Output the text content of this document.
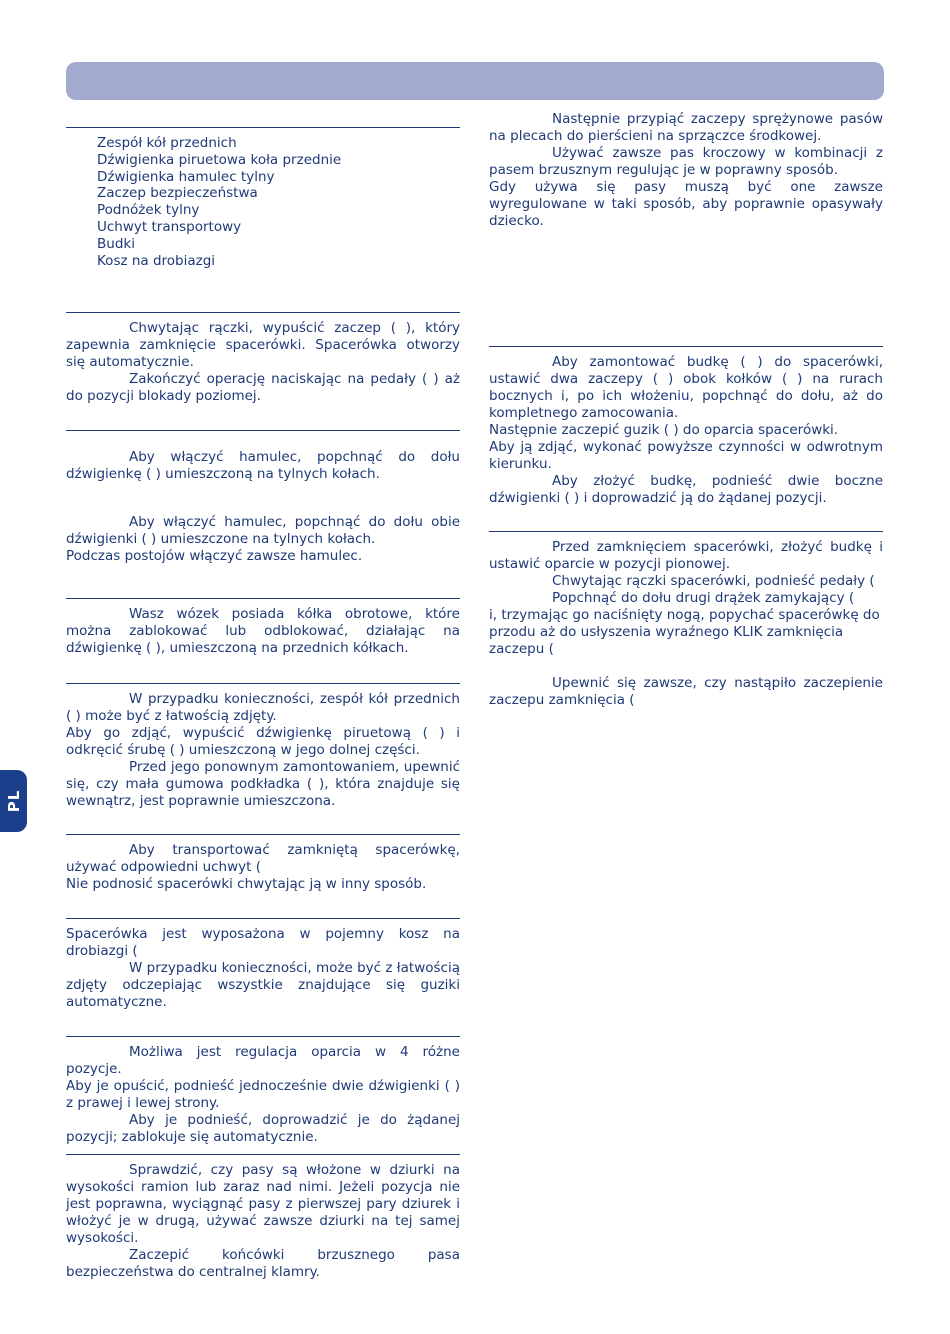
PL
Zespół kół przednich
Dźwigienka piruetowa koła przednie
Dźwigienka hamulec tylny
Zaczep bezpieczeństwa
Podnóżek tylny
Uchwyt transportowy
Budki
Kosz na drobiazgi

Chwytając rączki, wypuścić zaczep ( ), który zapewnia zamknięcie spacerówki. Spacerówka otworzy się automatycznie.

Zakończyć operację naciskając na pedały ( ) aż do pozycji blokady poziomej.

Aby włączyć hamulec, popchnąć do dołu dźwigienkę ( ) umieszczoną na tylnych kołach.

Aby włączyć hamulec, popchnąć do dołu obie dźwigienki ( ) umieszczone na tylnych kołach.

Podczas postojów włączyć zawsze hamulec.

Wasz wózek posiada kółka obrotowe, które można zablokować lub odblokować, działając na dźwigienkę ( ), umieszczoną na przednich kółkach.

W przypadku konieczności, zespół kół przednich ( ) może być z łatwością zdjęty.

Aby go zdjąć, wypuścić dźwigienkę piruetową ( ) i odkręcić śrubę ( ) umieszczoną w jego dolnej części.

Przed jego ponownym zamontowaniem, upewnić się, czy mała gumowa podkładka ( ), która znajduje się wewnątrz, jest poprawnie umieszczona.

Aby transportować zamkniętą spacerówkę, używać odpowiedni uchwyt (

Nie podnosić spacerówki chwytając ją w inny sposób.

Spacerówka jest wyposażona w pojemny kosz na drobiazgi (

W przypadku konieczności, może być z łatwością zdjęty odczepiając wszystkie znajdujące się guziki automatyczne.

Możliwa jest regulacja oparcia w 4 różne pozycje.

Aby je opuścić, podnieść jednocześnie dwie dźwigienki ( ) z prawej i lewej strony.

Aby je podnieść, doprowadzić je do żądanej pozycji; zablokuje się automatycznie.

Sprawdzić, czy pasy są włożone w dziurki na wysokości ramion lub zaraz nad nimi. Jeżeli pozycja nie jest poprawna, wyciągnąć pasy z pierwszej pary dziurek i włożyć je w drugą, używać zawsze dziurki na tej samej wysokości.

Zaczepić końcówki brzusznego pasa bezpieczeństwa do centralnej klamry.

Następnie przypiąć zaczepy sprężynowe pasów na plecach do pierścieni na sprzączce środkowej.

Używać zawsze pas kroczowy w kombinacji z pasem brzusznym regulując je w poprawny sposób.

Gdy używa się pasy muszą być one zawsze wyregulowane w taki sposób, aby poprawnie opasywały dziecko.

Aby zamontować budkę ( ) do spacerówki, ustawić dwa zaczepy ( ) obok kołków ( ) na rurach bocznych i, po ich włożeniu, popchnąć do dołu, aż do kompletnego zamocowania.

Następnie zaczepić guzik ( ) do oparcia spacerówki.

Aby ją zdjąć, wykonać powyższe czynności w odwrotnym kierunku.

Aby złożyć budkę, podnieść dwie boczne dźwigienki ( ) i doprowadzić ją do żądanej pozycji.

Przed zamknięciem spacerówki, złożyć budkę i ustawić oparcie w pozycji pionowej.

Chwytając rączki spacerówki, podnieść pedały (

Popchnąć do dołu drugi drążek zamykający (

i, trzymając go naciśnięty nogą, popychać spacerówkę do przodu aż do usłyszenia wyraźnego KLIK zamknięcia zaczepu (

Upewnić się zawsze, czy nastąpiło zaczepienie zaczepu zamknięcia (
